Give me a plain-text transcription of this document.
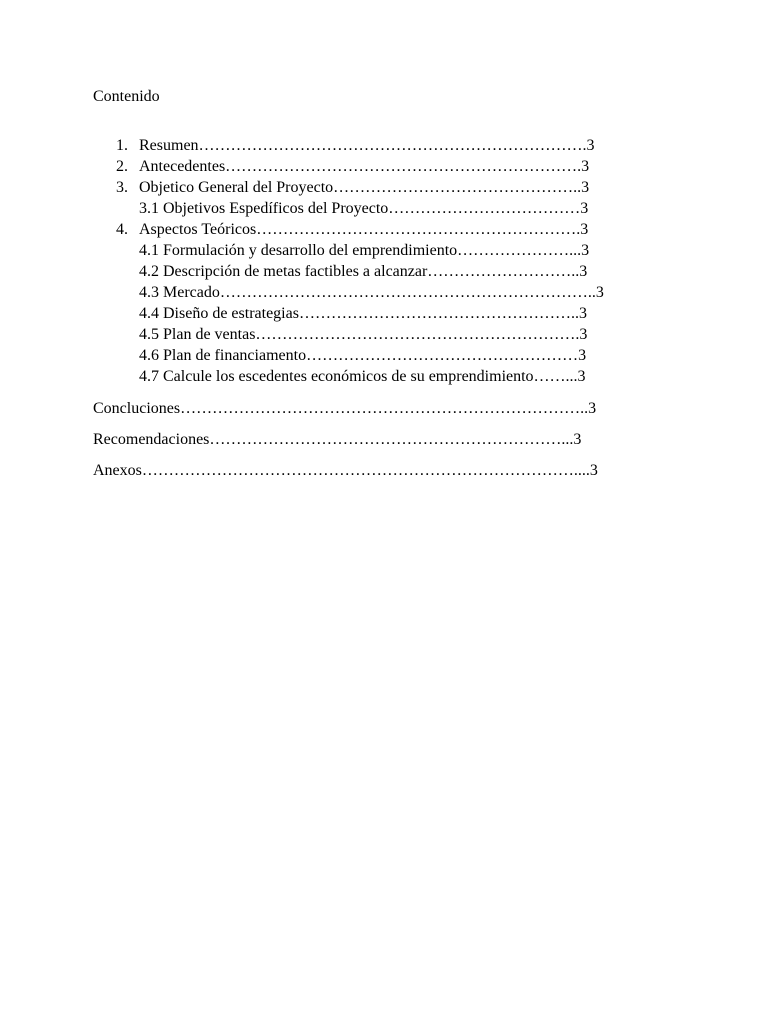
Contenido
1. Resumen……………………………………………………………….3
2. Antecedentes………………………………………………………….3
3. Objetico General del Proyecto………………………………………..3
3.1 Objetivos Espedíficos del Proyecto………………………………3
4. Aspectos Teóricos…………………………………………………….3
4.1 Formulación y desarrollo del emprendimiento…………………...3
4.2 Descripción de metas factibles a alcanzar………………………..3
4.3 Mercado……………………………………………………………..3
4.4 Diseño de estrategias……………………………………………..3
4.5 Plan de ventas…………………………………………………….3
4.6 Plan de financiamento……………………………………………3
4.7 Calcule los escedentes económicos de su emprendimiento……...3
Concluciones…………………………………………………………………..3
Recomendaciones…………………………………………………………...3
Anexos………………………………………………………………………....3
